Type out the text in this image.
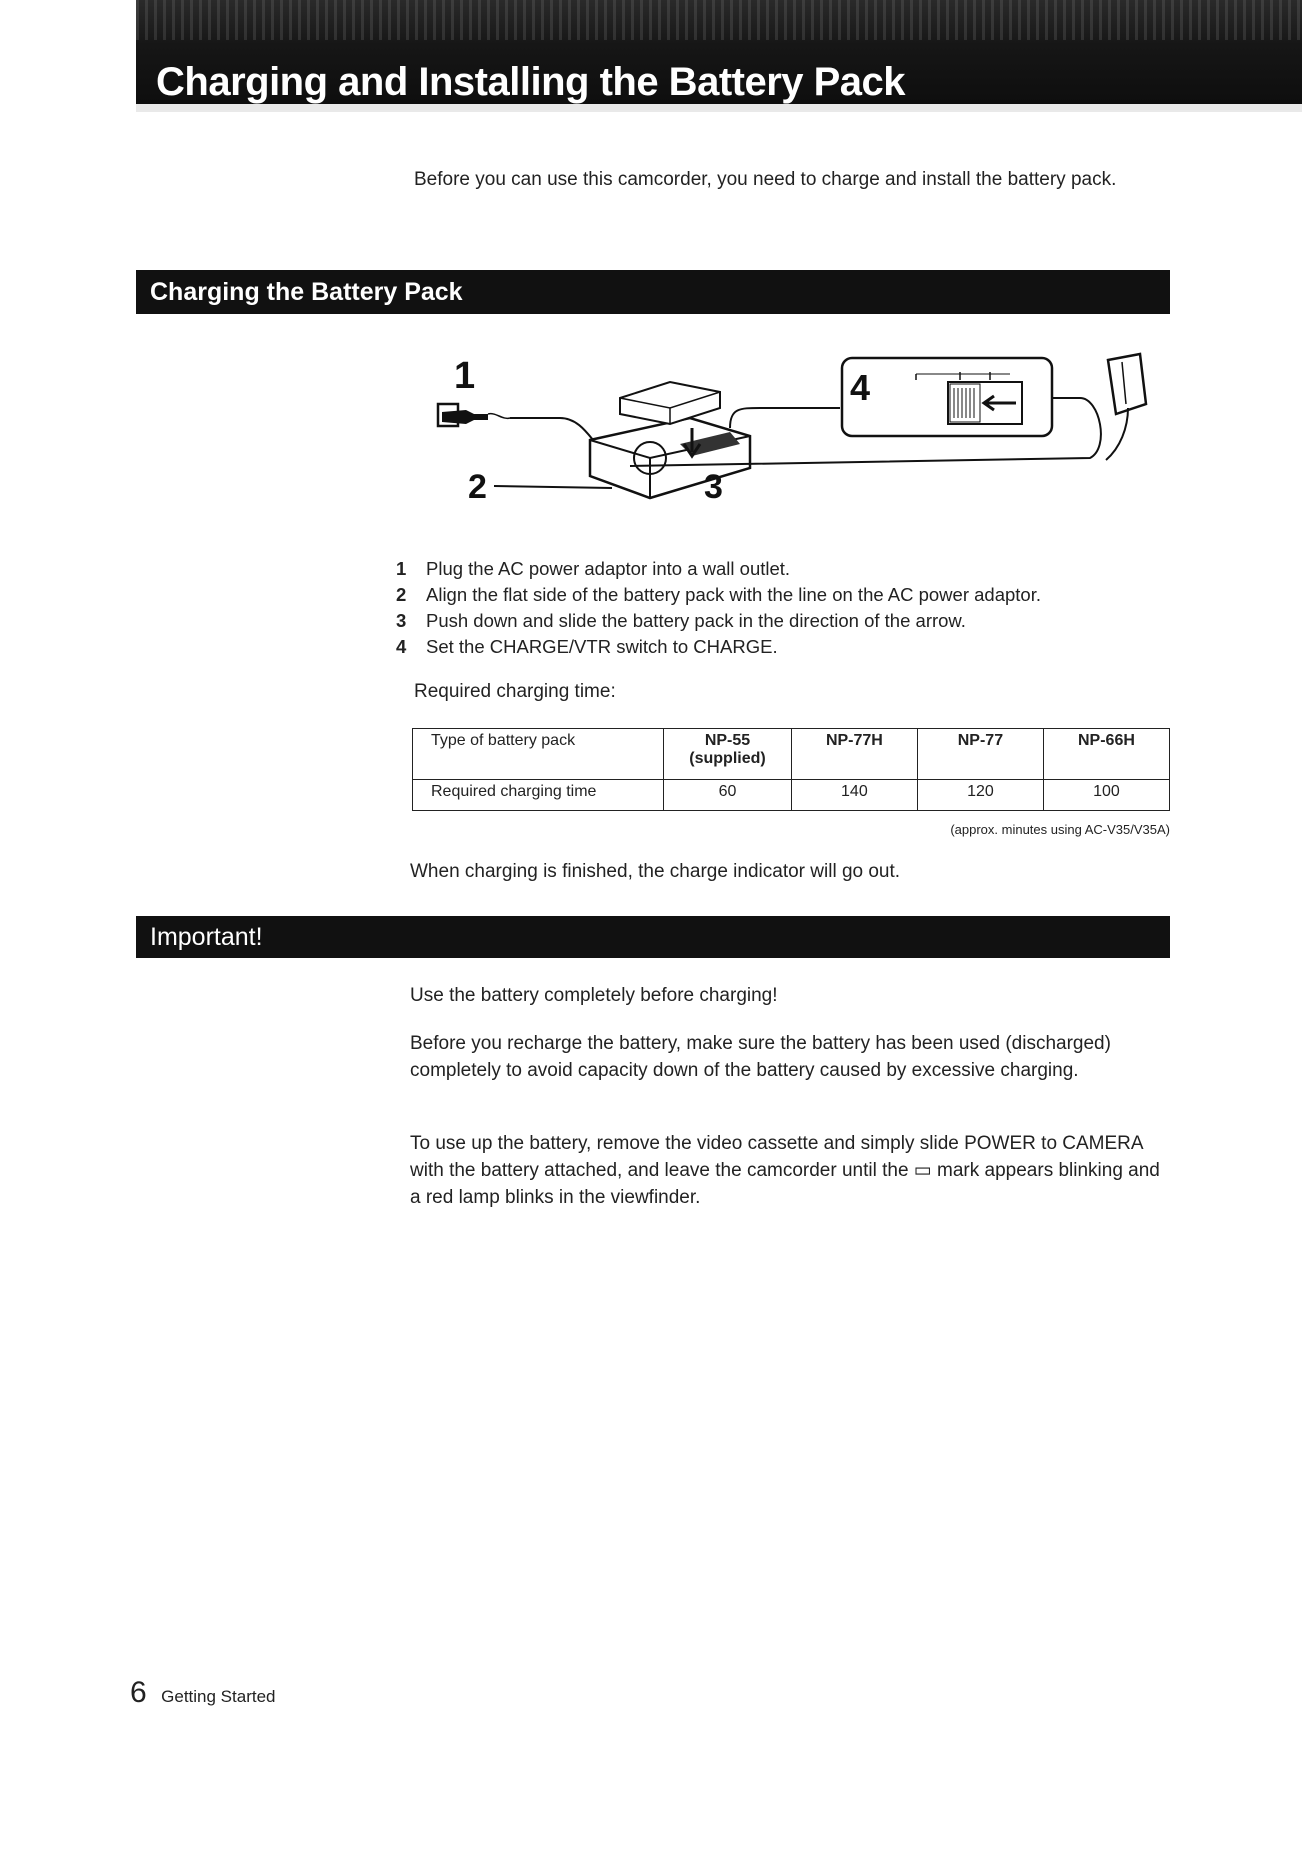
Charging and Installing the Battery Pack
Before you can use this camcorder, you need to charge and install the battery pack.
Charging the Battery Pack
1
2	3
4
1 Plug the AC power adaptor into a wall outlet.
2 Align the flat side of the battery pack with the line on the AC power adaptor.
3 Push down and slide the battery pack in the direction of the arrow.
4 Set the CHARGE/VTR switch to CHARGE.
Required charging time:
Type of battery pack	NP-55 (supplied)	NP-77H	NP-77	NP-66H
Required charging time	60	140	120	100
(approx. minutes using AC-V35/V35A)
When charging is finished, the charge indicator will go out.
Important!
Use the battery completely before charging!
Before you recharge the battery, make sure the battery has been used (discharged) completely to avoid capacity down of the battery caused by excessive charging.
To use up the battery, remove the video cassette and simply slide POWER to CAMERA with the battery attached, and leave the camcorder until the ▭ mark appears blinking and a red lamp blinks in the viewfinder.
6 Getting Started
